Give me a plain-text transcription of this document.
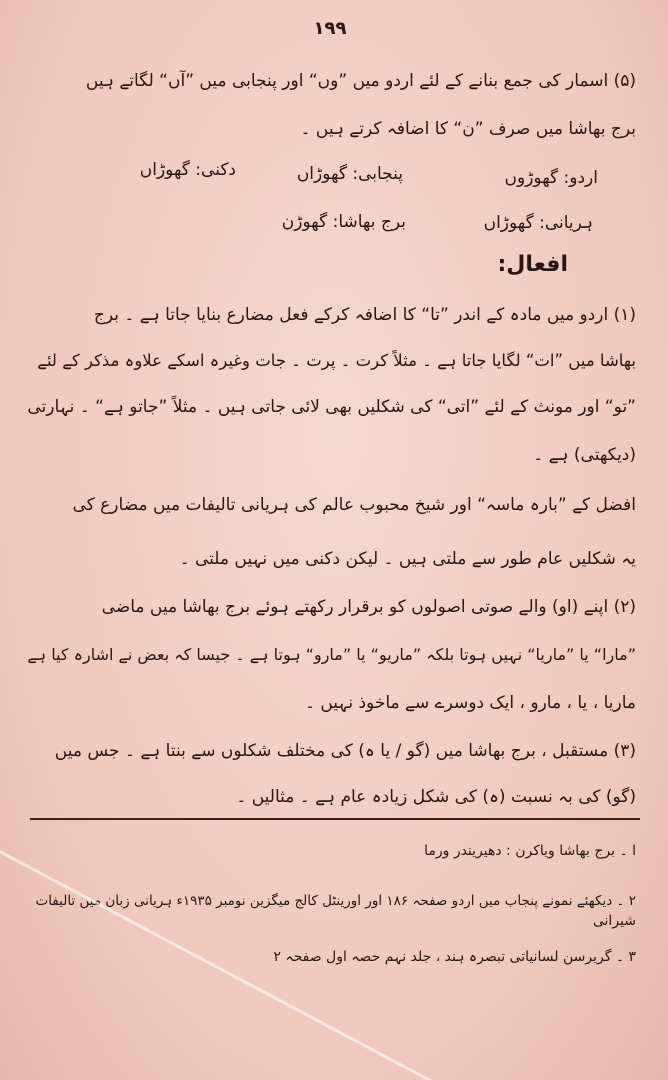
۱۹۹
(۵) اسمار کی جمع بنانے کے لئے اردو میں ”وں“ اور پنجابی میں ”آں“ لگاتے ہیں
برج بھاشا میں صرف ”ن“ کا اضافہ کرتے ہیں ۔
اردو: گھوڑوں
پنجابی: گھوڑاں
دکنی: گھوڑاں
ہریانی: گھوڑاں
برج بھاشا: گھوڑن
افعال:
(۱) اردو میں مادہ کے اندر ”تا“ کا اضافہ کرکے فعل مضارع بنایا جاتا ہے ۔ برج
بھاشا میں ”ات“ لگایا جاتا ہے ۔ مثلاً کرت ۔ پرت ۔ جات وغیرہ اسکے علاوہ مذکر کے لئے
”تو“ اور مونث کے لئے ”اتی“ کی شکلیں بھی لائی جاتی ہیں ۔ مثلاً ”جاتو ہے“ ۔ نہارتی
(دیکھتی) ہے ۔
افضل کے ”بارہ ماسہ“ اور شیخ محبوب عالم کی ہریانی تالیفات میں مضارع کی
یہ شکلیں عام طور سے ملتی ہیں ۔ لیکن دکنی میں نہیں ملتی ۔
(۲) اپنے (او) والے صوتی اصولوں کو برقرار رکھتے ہوئے برج بھاشا میں ماضی
”مارا“ یا ”ماریا“ نہیں ہوتا بلکہ ”ماریو“ یا ”مارو“ ہوتا ہے ۔ جیسا کہ بعض نے اشارہ کیا ہے
ماریا ، یا ، مارو ، ایک دوسرے سے ماخوذ نہیں ۔
(۳) مستقبل ، برج بھاشا میں (گو / یا ہ) کی مختلف شکلوں سے بنتا ہے ۔ جس میں
(گو) کی بہ نسبت (ہ) کی شکل زیادہ عام ہے ۔ مثالیں ۔
ا ۔ برج بھاشا ویاکرن : دھیریندر ورما
۲ ۔ دیکھئے نمونے پنجاب میں اردو صفحہ ۱۸۶ اور اورینٹل کالج میگزین نومبر ۱۹۳۵ء ہریانی زبان میں تالیفات
شیرانی
۳ ۔ گریرسن لسانیاتی تبصرہ ہند ، جلد نہم حصہ اول صفحہ ۲
